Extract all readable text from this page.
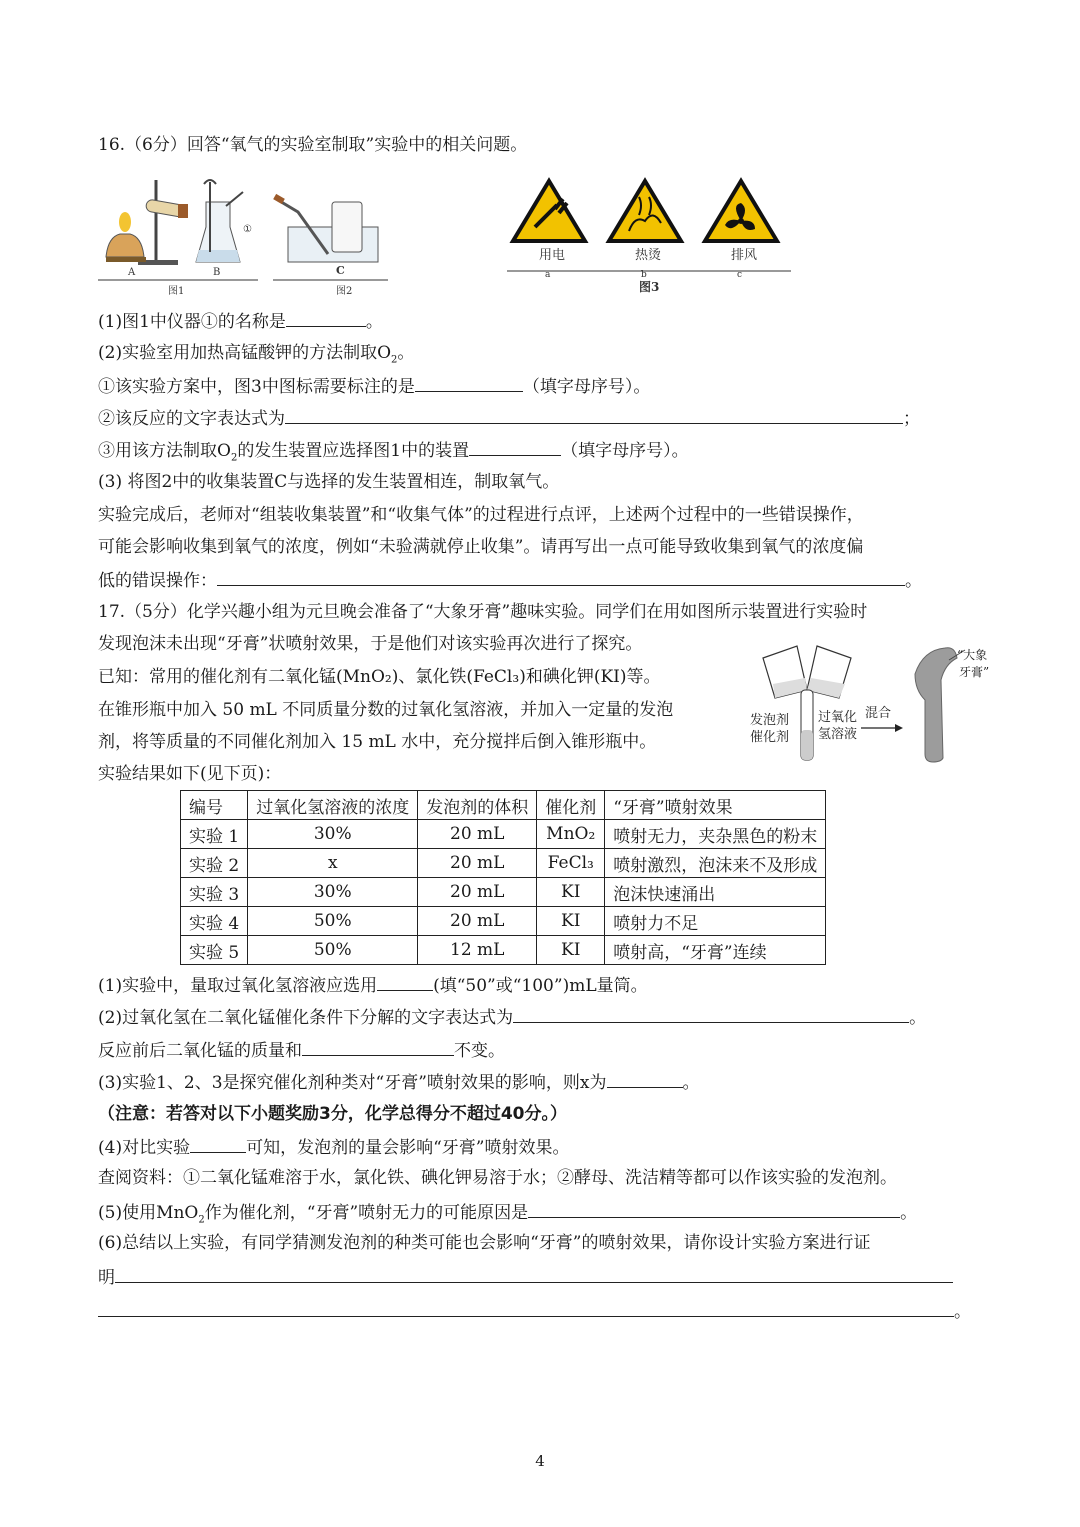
16.（6分）回答“氧气的实验室制取”实验中的相关问题。
①
A	B
图1
C
图2
用电	热烫	排风
a	b	c
图3
(1)图1中仪器①的名称是	。
(2)实验室用加热高锰酸钾的方法制取$O_2$。
①该实验方案中，图3中图标需要标注的是	（填字母序号）。
②该反应的文字表达式为	；
③用该方法制取$O_2$的发生装置应选择图1中的装置	（填字母序号）。
(3) 将图2中的收集装置C与选择的发生装置相连，制取氧气。
实验完成后，老师对“组装收集装置”和“收集气体”的过程进行点评，上述两个过程中的一些错误操作，
可能会影响收集到氧气的浓度，例如“未验满就停止收集”。请再写出一点可能导致收集到氧气的浓度偏
低的错误操作：	。
17.（5分）化学兴趣小组为元旦晚会准备了“大象牙膏”趣味实验。同学们在用如图所示装置进行实验时
发现泡沫未出现“牙膏”状喷射效果，于是他们对该实验再次进行了探究。
已知：常用的催化剂有二氧化锰(MnO₂)、氯化铁(FeCl₃)和碘化钾(KI)等。
在锥形瓶中加入 50 mL 不同质量分数的过氧化氢溶液，并加入一定量的发泡
剂，将等质量的不同催化剂加入 15 mL 水中，充分搅拌后倒入锥形瓶中。
实验结果如下(见下页)：
发泡剂
催化剂
过氧化
氢溶液
混合
“大象
牙膏”
编号	过氧化氢溶液的浓度	发泡剂的体积	催化剂	“牙膏”喷射效果
实验 1	30%	20 mL	MnO₂	喷射无力，夹杂黑色的粉末
实验 2	x	20 mL	FeCl₃	喷射激烈，泡沫来不及形成
实验 3	30%	20 mL	KI	泡沫快速涌出
实验 4	50%	20 mL	KI	喷射力不足
实验 5	50%	12 mL	KI	喷射高，“牙膏”连续
(1)实验中，量取过氧化氢溶液应选用	(填“50”或“100”)mL量筒。
(2)过氧化氢在二氧化锰催化条件下分解的文字表达式为	。
反应前后二氧化锰的质量和	不变。
(3)实验1、2、3是探究催化剂种类对“牙膏”喷射效果的影响，则x为	。
（注意：若答对以下小题奖励3分，化学总得分不超过40分。）
(4)对比实验	可知，发泡剂的量会影响“牙膏”喷射效果。
查阅资料：①二氧化锰难溶于水，氯化铁、碘化钾易溶于水；②酵母、洗洁精等都可以作该实验的发泡剂。
(5)使用MnO$_2$作为催化剂，“牙膏”喷射无力的可能原因是	。
(6)总结以上实验，有同学猜测发泡剂的种类可能也会影响“牙膏”的喷射效果，请你设计实验方案进行证
明
。
4
